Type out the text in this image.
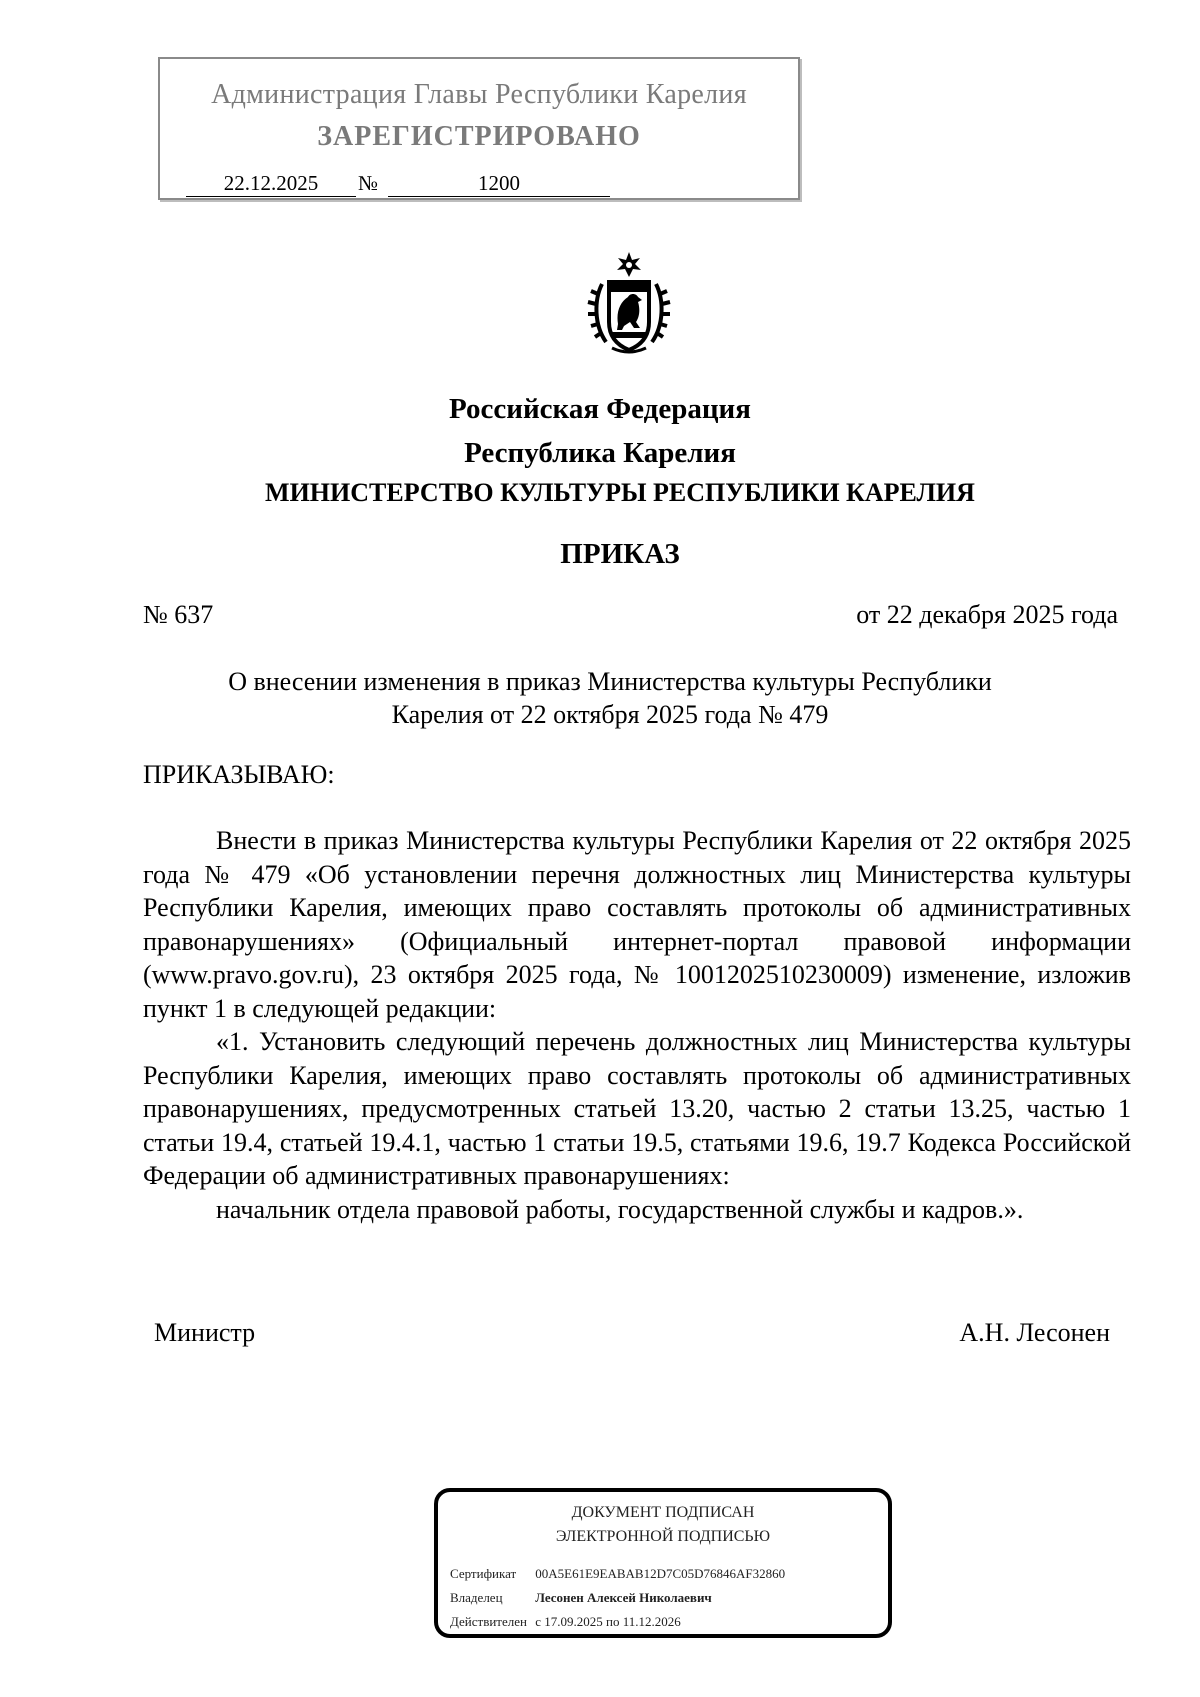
Администрация Главы Республики Карелия
ЗАРЕГИСТРИРОВАНО
22.12.2025	№	1200
Российская Федерация
Республика Карелия
МИНИСТЕРСТВО КУЛЬТУРЫ РЕСПУБЛИКИ КАРЕЛИЯ
ПРИКАЗ
№ 637	от 22 декабря 2025 года
О внесении изменения в приказ Министерства культуры Республики
Карелия от 22 октября 2025 года № 479
ПРИКАЗЫВАЮ:

Внести в приказ Министерства культуры Республики Карелия от 22 октября 2025 года № 479 «Об установлении перечня должностных лиц Министерства культуры Республики Карелия, имеющих право составлять протоколы об административных правонарушениях» (Официальный интернет-портал правовой информации (www.pravo.gov.ru), 23 октября 2025 года, № 1001202510230009) изменение, изложив пункт 1 в следующей редакции:

«1. Установить следующий перечень должностных лиц Министерства культуры Республики Карелия, имеющих право составлять протоколы об административных правонарушениях, предусмотренных статьей 13.20, частью 2 статьи 13.25, частью 1 статьи 19.4, статьей 19.4.1, частью 1 статьи 19.5, статьями 19.6, 19.7 Кодекса Российской Федерации об административных правонарушениях:

начальник отдела правовой работы, государственной службы и кадров.».

Министр	А.Н. Лесонен
ДОКУМЕНТ ПОДПИСАН
ЭЛЕКТРОННОЙ ПОДПИСЬЮ
Сертификат 00A5E61E9EABAB12D7C05D76846AF32860
Владелец	Лесонен Алексей Николаевич
Действителен с 17.09.2025 по 11.12.2026
